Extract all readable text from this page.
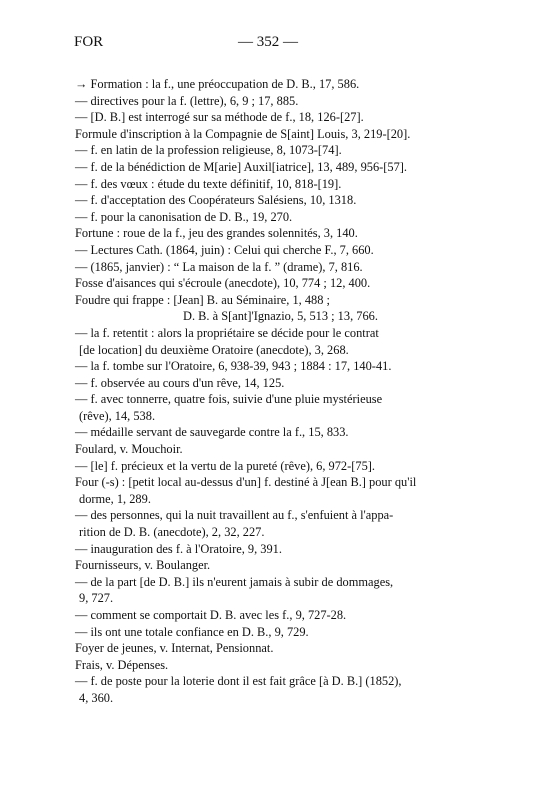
FOR	— 352 —
→ Formation : la f., une préoccupation de D. B., 17, 586.
— directives pour la f. (lettre), 6, 9 ; 17, 885.
— [D. B.] est interrogé sur sa méthode de f., 18, 126-[27].
Formule d'inscription à la Compagnie de S[aint] Louis, 3, 219-[20].
— f. en latin de la profession religieuse, 8, 1073-[74].
— f. de la bénédiction de M[arie] Auxil[iatrice], 13, 489, 956-[57].
— f. des vœux : étude du texte définitif, 10, 818-[19].
— f. d'acceptation des Coopérateurs Salésiens, 10, 1318.
— f. pour la canonisation de D. B., 19, 270.
Fortune : roue de la f., jeu des grandes solennités, 3, 140.
— Lectures Cath. (1864, juin) : Celui qui cherche F., 7, 660.
— (1865, janvier) : “ La maison de la f. ” (drame), 7, 816.
Fosse d'aisances qui s'écroule (anecdote), 10, 774 ; 12, 400.
Foudre qui frappe : [Jean] B. au Séminaire, 1, 488 ;
D. B. à S[ant]'Ignazio, 5, 513 ; 13, 766.
— la f. retentit : alors la propriétaire se décide pour le contrat
[de location] du deuxième Oratoire (anecdote), 3, 268.
— la f. tombe sur l'Oratoire, 6, 938-39, 943 ; 1884 : 17, 140-41.
— f. observée au cours d'un rêve, 14, 125.
— f. avec tonnerre, quatre fois, suivie d'une pluie mystérieuse
(rêve), 14, 538.
— médaille servant de sauvegarde contre la f., 15, 833.
Foulard, v. Mouchoir.
— [le] f. précieux et la vertu de la pureté (rêve), 6, 972-[75].
Four (-s) : [petit local au-dessus d'un] f. destiné à J[ean B.] pour qu'il
dorme, 1, 289.
— des personnes, qui la nuit travaillent au f., s'enfuient à l'appa-
rition de D. B. (anecdote), 2, 32, 227.
— inauguration des f. à l'Oratoire, 9, 391.
Fournisseurs, v. Boulanger.
— de la part [de D. B.] ils n'eurent jamais à subir de dommages,
9, 727.
— comment se comportait D. B. avec les f., 9, 727-28.
— ils ont une totale confiance en D. B., 9, 729.
Foyer de jeunes, v. Internat, Pensionnat.
Frais, v. Dépenses.
— f. de poste pour la loterie dont il est fait grâce [à D. B.] (1852),
4, 360.
